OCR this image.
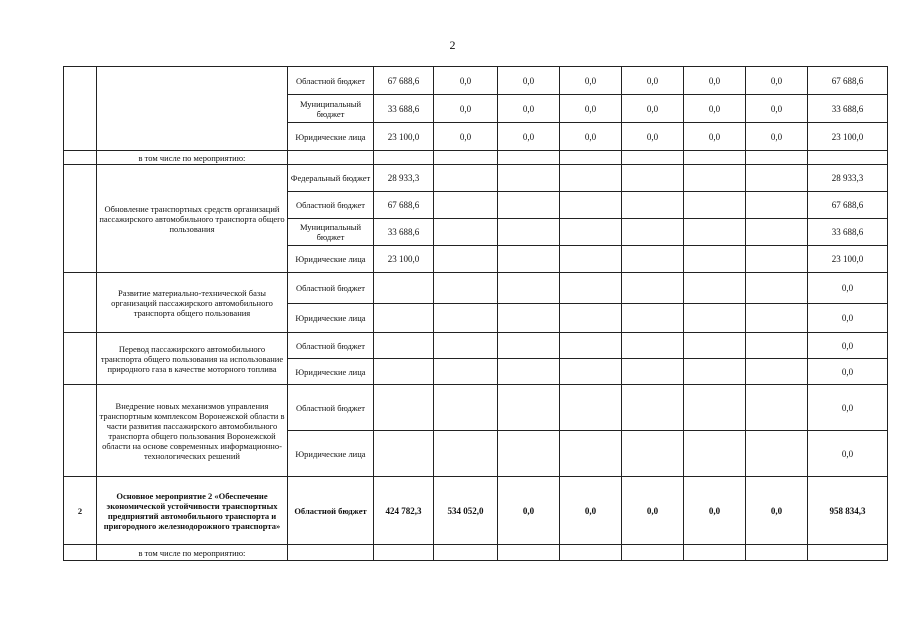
2
		Областной бюджет	67 688,6	0,0	0,0	0,0	0,0	0,0	0,0	67 688,6
		Муниципальный бюджет	33 688,6	0,0	0,0	0,0	0,0	0,0	0,0	33 688,6
		Юридические лица	23 100,0	0,0	0,0	0,0	0,0	0,0	0,0	23 100,0
	в том числе по мероприятию:									
	Обновление транспортных средств организаций пассажирского автомобильного транспорта общего пользования	Федеральный бюджет	28 933,3							28 933,3
		Областной бюджет	67 688,6							67 688,6
		Муниципальный бюджет	33 688,6							33 688,6
		Юридические лица	23 100,0							23 100,0
	Развитие материально-технической базы организаций пассажирского автомобильного транспорта общего пользования	Областной бюджет								0,0
		Юридические лица								0,0
	Перевод пассажирского автомобильного транспорта общего пользования на использование природного газа в качестве моторного топлива	Областной бюджет								0,0
		Юридические лица								0,0
	Внедрение новых механизмов управления транспортным комплексом Воронежской области в части развития пассажирского автомобильного транспорта общего пользования Воронежской области на основе современных информационно-технологических решений	Областной бюджет								0,0
		Юридические лица								0,0
2	Основное мероприятие 2 «Обеспечение экономической устойчивости транспортных предприятий автомобильного транспорта и пригородного железнодорожного транспорта»	Областной бюджет	424 782,3	534 052,0	0,0	0,0	0,0	0,0	0,0	958 834,3
	в том числе по мероприятию:									
